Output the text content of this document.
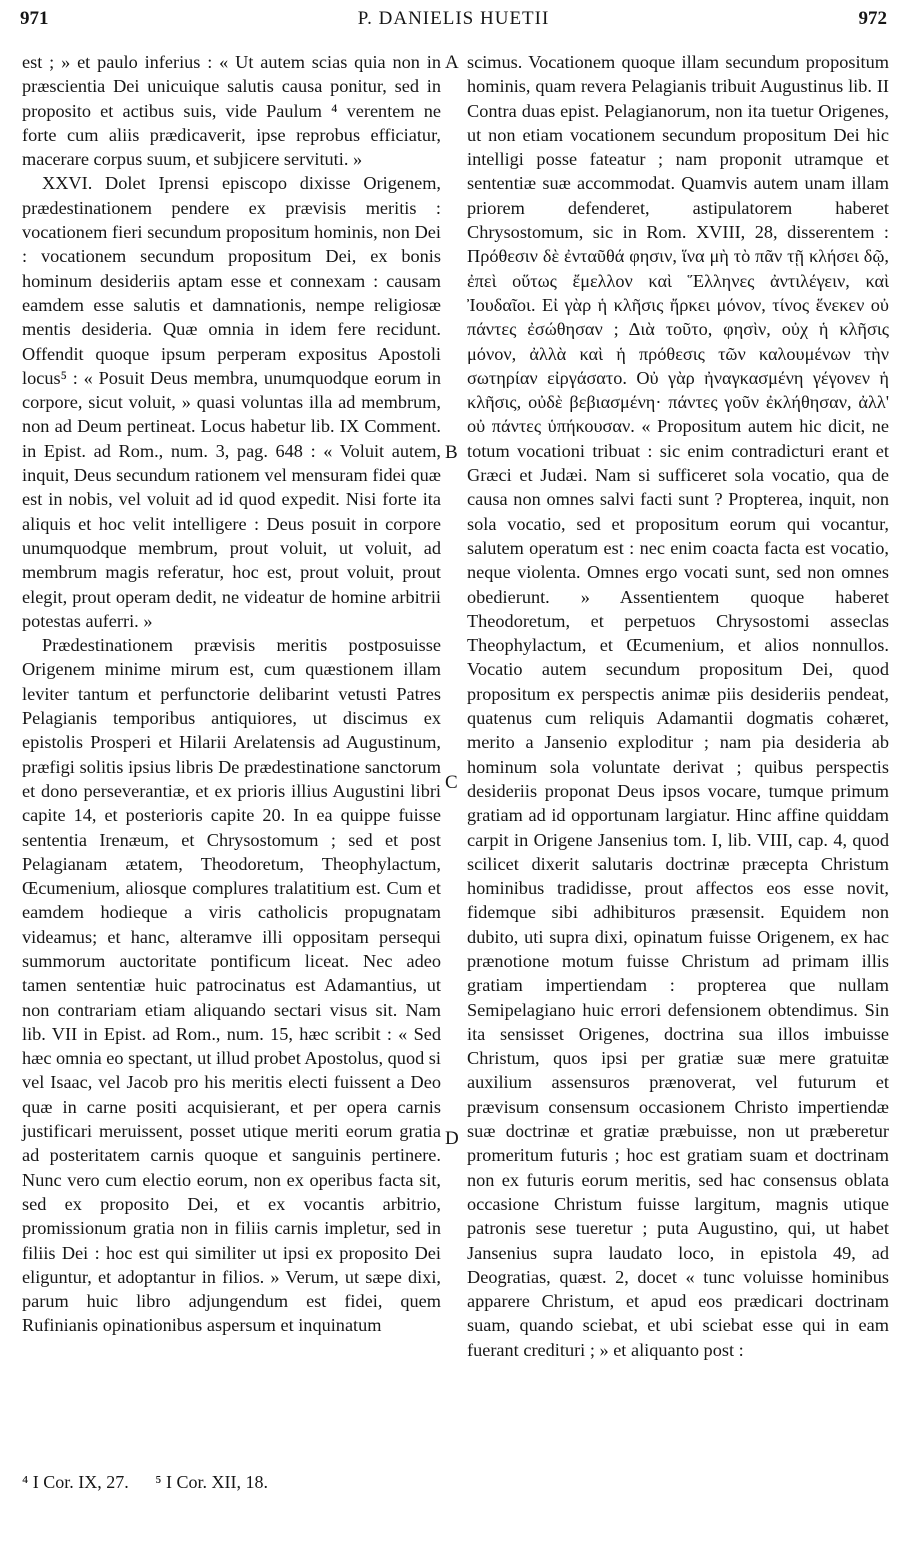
971	P. DANIELIS HUETII	972

est ; » et paulo inferius : « Ut autem scias quia non in præscientia Dei unicuique salutis causa ponitur, sed in proposito et actibus suis, vide Paulum ⁴ verentem ne forte cum aliis prædicaverit, ipse reprobus efficiatur, macerare corpus suum, et subjicere servituti. »

XXVI. Dolet Iprensi episcopo dixisse Origenem, prædestinationem pendere ex prævisis meritis : vocationem fieri secundum propositum hominis, non Dei : vocationem secundum propositum Dei, ex bonis hominum desideriis aptam esse et connexam : causam eamdem esse salutis et damnationis, nempe religiosæ mentis desideria. Quæ omnia in idem fere recidunt. Offendit quoque ipsum perperam expositus Apostoli locus⁵ : « Posuit Deus membra, unumquodque eorum in corpore, sicut voluit, » quasi voluntas illa ad membrum, non ad Deum pertineat. Locus habetur lib. IX Comment. in Epist. ad Rom., num. 3, pag. 648 : « Voluit autem, inquit, Deus secundum rationem vel mensuram fidei quæ est in nobis, vel voluit ad id quod expedit. Nisi forte ita aliquis et hoc velit intelligere : Deus posuit in corpore unumquodque membrum, prout voluit, ut voluit, ad membrum magis referatur, hoc est, prout voluit, prout elegit, prout operam dedit, ne videatur de homine arbitrii potestas auferri. »

Prædestinationem prævisis meritis postposuisse Origenem minime mirum est, cum quæstionem illam leviter tantum et perfunctorie delibarint vetusti Patres Pelagianis temporibus antiquiores, ut discimus ex epistolis Prosperi et Hilarii Arelatensis ad Augustinum, præfigi solitis ipsius libris De prædestinatione sanctorum et dono perseverantiæ, et ex prioris illius Augustini libri capite 14, et posterioris capite 20. In ea quippe fuisse sententia Irenæum, et Chrysostomum ; sed et post Pelagianam ætatem, Theodoretum, Theophylactum, Œcumenium, aliosque complures tralatitium est. Cum et eamdem hodieque a viris catholicis propugnatam videamus; et hanc, alteramve illi oppositam persequi summorum auctoritate pontificum liceat. Nec adeo tamen sententiæ huic patrocinatus est Adamantius, ut non contrariam etiam aliquando sectari visus sit. Nam lib. VII in Epist. ad Rom., num. 15, hæc scribit : « Sed hæc omnia eo spectant, ut illud probet Apostolus, quod si vel Isaac, vel Jacob pro his meritis electi fuissent a Deo quæ in carne positi acquisierant, et per opera carnis justificari meruissent, posset utique meriti eorum gratia ad posteritatem carnis quoque et sanguinis pertinere. Nunc vero cum electio eorum, non ex operibus facta sit, sed ex proposito Dei, et ex vocantis arbitrio, promissionum gratia non in filiis carnis impletur, sed in filiis Dei : hoc est qui similiter ut ipsi ex proposito Dei eliguntur, et adoptantur in filios. » Verum, ut sæpe dixi, parum huic libro adjungendum est fidei, quem Rufinianis opinationibus aspersum et inquinatum

scimus. Vocationem quoque illam secundum propositum hominis, quam revera Pelagianis tribuit Augustinus lib. II Contra duas epist. Pelagianorum, non ita tuetur Origenes, ut non etiam vocationem secundum propositum Dei hic intelligi posse fateatur ; nam proponit utramque et sententiæ suæ accommodat. Quamvis autem unam illam priorem defenderet, astipulatorem haberet Chrysostomum, sic in Rom. XVIII, 28, disserentem : Πρόθεσιν δὲ ἐνταῦθά φησιν, ἵνα μὴ τὸ πᾶν τῇ κλήσει δῷ, ἐπεὶ οὕτως ἔμελλον καὶ Ἕλληνες ἀντιλέγειν, καὶ Ἰουδαῖοι. Εἰ γὰρ ἡ κλῆσις ἤρκει μόνον, τίνος ἕνεκεν οὐ πάντες ἐσώθησαν ; Διὰ τοῦτο, φησὶν, οὐχ ἡ κλῆσις μόνον, ἀλλὰ καὶ ἡ πρόθεσις τῶν καλουμένων τὴν σωτηρίαν εἰργάσατο. Οὐ γὰρ ἠναγκασμένη γέγονεν ἡ κλῆσις, οὐδὲ βεβιασμένη· πάντες γοῦν ἐκλήθησαν, ἀλλ' οὐ πάντες ὑπήκουσαν. « Propositum autem hic dicit, ne totum vocationi tribuat : sic enim contradicturi erant et Græci et Judæi. Nam si sufficeret sola vocatio, qua de causa non omnes salvi facti sunt ? Propterea, inquit, non sola vocatio, sed et propositum eorum qui vocantur, salutem operatum est : nec enim coacta facta est vocatio, neque violenta. Omnes ergo vocati sunt, sed non omnes obedierunt. » Assentientem quoque haberet Theodoretum, et perpetuos Chrysostomi asseclas Theophylactum, et Œcumenium, et alios nonnullos. Vocatio autem secundum propositum Dei, quod propositum ex perspectis animæ piis desideriis pendeat, quatenus cum reliquis Adamantii dogmatis cohæret, merito a Jansenio exploditur ; nam pia desideria ab hominum sola voluntate derivat ; quibus perspectis desideriis proponat Deus ipsos vocare, tumque primum gratiam ad id opportunam largiatur. Hinc affine quiddam carpit in Origene Jansenius tom. I, lib. VIII, cap. 4, quod scilicet dixerit salutaris doctrinæ præcepta Christum hominibus tradidisse, prout affectos eos esse novit, fidemque sibi adhibituros præsensit. Equidem non dubito, uti supra dixi, opinatum fuisse Origenem, ex hac prænotione motum fuisse Christum ad primam illis gratiam impertiendam : propterea que nullam Semipelagiano huic errori defensionem obtendimus. Sin ita sensisset Origenes, doctrina sua illos imbuisse Christum, quos ipsi per gratiæ suæ mere gratuitæ auxilium assensuros prænoverat, vel futurum et prævisum consensum occasionem Christo impertiendæ suæ doctrinæ et gratiæ præbuisse, non ut præberetur promeritum futuris ; hoc est gratiam suam et doctrinam non ex futuris eorum meritis, sed hac consensus oblata occasione Christum fuisse largitum, magnis utique patronis sese tueretur ; puta Augustino, qui, ut habet Jansenius supra laudato loco, in epistola 49, ad Deogratias, quæst. 2, docet « tunc voluisse hominibus apparere Christum, et apud eos prædicari doctrinam suam, quando sciebat, et ubi sciebat esse qui in eam fuerant crediturі ; » et aliquanto post :

A
B
C
D
⁴ I Cor. IX, 27. ⁵ I Cor. XII, 18.
